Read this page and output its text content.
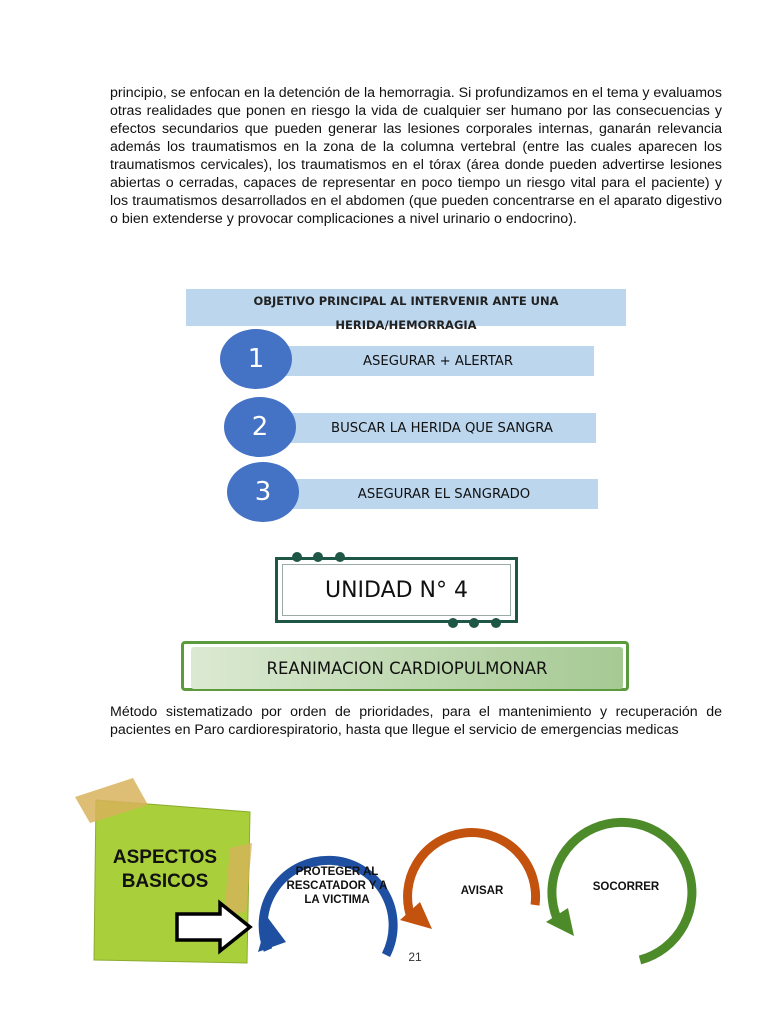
principio, se enfocan en la detención de la hemorragia. Si profundizamos en el tema y evaluamos otras realidades que ponen en riesgo la vida de cualquier ser humano por las consecuencias y efectos secundarios que pueden generar las lesiones corporales internas, ganarán relevancia además los traumatismos en la zona de la columna vertebral (entre las cuales aparecen los traumatismos cervicales), los traumatismos en el tórax (área donde pueden advertirse lesiones abiertas o cerradas, capaces de representar en poco tiempo un riesgo vital para el paciente) y los traumatismos desarrollados en el abdomen (que pueden concentrarse en el aparato digestivo o bien extenderse y provocar complicaciones a nivel urinario o endocrino).

OBJETIVO PRINCIPAL AL INTERVENIR ANTE UNA HERIDA/HEMORRAGIA
ASEGURAR + ALERTAR
1
BUSCAR LA HERIDA QUE SANGRA
2
ASEGURAR EL SANGRADO
3
UNIDAD N° 4
REANIMACION CARDIOPULMONAR

Método sistematizado por orden de prioridades, para el mantenimiento y recuperación de pacientes en Paro cardiorespiratorio, hasta que llegue el servicio de emergencias medicas

ASPECTOS
BASICOS	PROTEGER AL
RESCATADOR Y A
LA VICTIMA
AVISAR	SOCORRER
21
